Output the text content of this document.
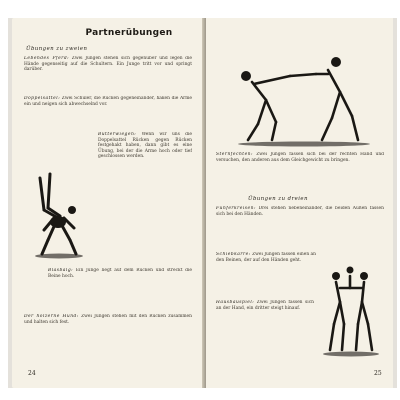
Partnerübungen
Übungen zu zweien
Lebendes Pferd: Zwei Jungen stehen sich gegenüber und legen die Hände gegenseitig auf die Schultern. Ein Junge tritt vor und springt darüber.
Doppelsattel: Zwei Schüler, die Rücken gegeneinander, haken die Arme ein und neigen sich abwechselnd vor.
Butterwiegen: Wenn wir uns die Doppelsattel Rücken gegen Rücken festgehakt haben, dann gibt es eine Übung, bei der die Arme hoch oder tief geschlossen werden.
Blasbalg: Ein Junge liegt auf dem Rücken und streckt die Beine hoch.
Der hölzerne Hund: Zwei Jungen stehen mit den Rücken zusammen und halten sich fest.
24
Sternfechten: Zwei Jungen fassen sich bei der rechten Hand und versuchen, den anderen aus dem Gleichgewicht zu bringen.
Übungen zu dreien
Fünferkreisen: Drei stehen nebeneinander, die beiden Außen fassen sich bei den Händen.
Schiebkarre: Zwei Jungen fassen einen an den Beinen, der auf den Händen geht.
Hausbauspiel: Zwei Jungen fassen sich an der Hand, ein dritter steigt hinauf.
25
